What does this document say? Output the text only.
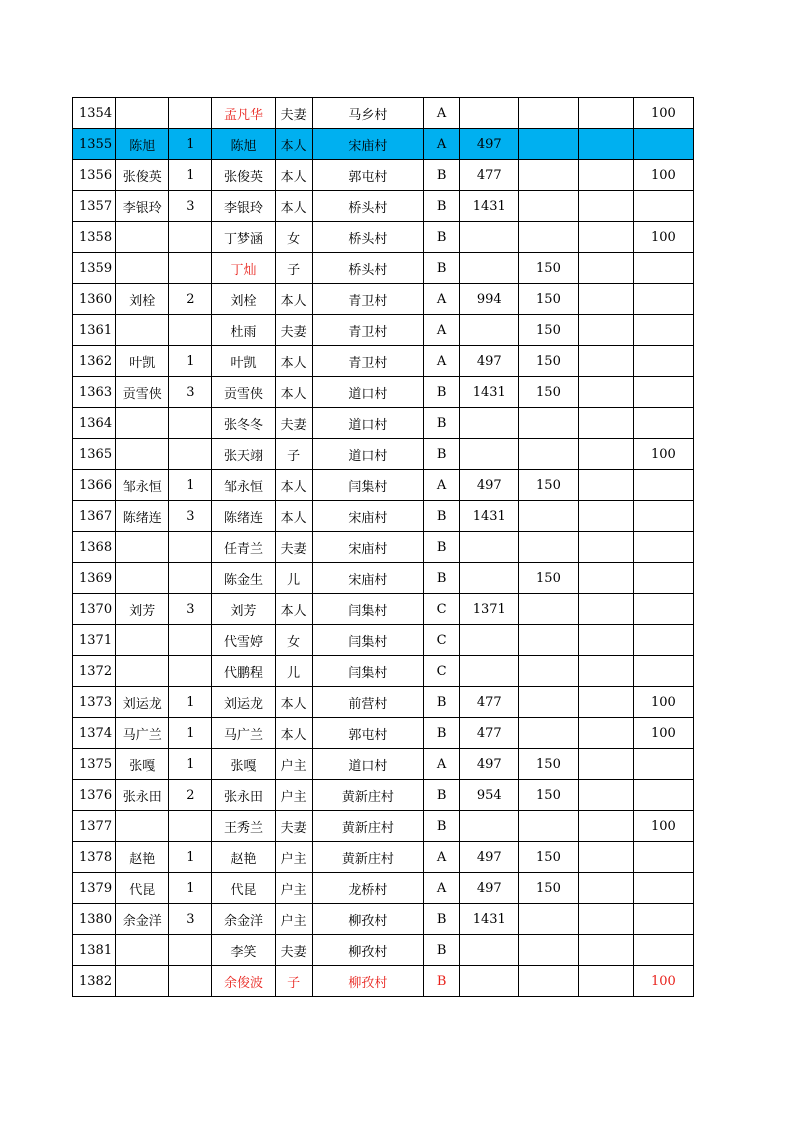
1354			孟凡华	夫妻	马乡村	A				100
1355	陈旭	1	陈旭	本人	宋庙村	A	497			
1356	张俊英	1	张俊英	本人	郭屯村	B	477			100
1357	李银玲	3	李银玲	本人	桥头村	B	1431			
1358			丁梦涵	女	桥头村	B				100
1359			丁灿	子	桥头村	B		150		
1360	刘栓	2	刘栓	本人	青卫村	A	994	150		
1361			杜雨	夫妻	青卫村	A		150		
1362	叶凯	1	叶凯	本人	青卫村	A	497	150		
1363	贡雪侠	3	贡雪侠	本人	道口村	B	1431	150		
1364			张冬冬	夫妻	道口村	B				
1365			张天翊	子	道口村	B				100
1366	邹永恒	1	邹永恒	本人	闫集村	A	497	150		
1367	陈绪连	3	陈绪连	本人	宋庙村	B	1431			
1368			任青兰	夫妻	宋庙村	B				
1369			陈金生	儿	宋庙村	B		150		
1370	刘芳	3	刘芳	本人	闫集村	C	1371			
1371			代雪婷	女	闫集村	C				
1372			代鹏程	儿	闫集村	C				
1373	刘运龙	1	刘运龙	本人	前营村	B	477			100
1374	马广兰	1	马广兰	本人	郭屯村	B	477			100
1375	张嘎	1	张嘎	户主	道口村	A	497	150		
1376	张永田	2	张永田	户主	黄新庄村	B	954	150		
1377			王秀兰	夫妻	黄新庄村	B				100
1378	赵艳	1	赵艳	户主	黄新庄村	A	497	150		
1379	代昆	1	代昆	户主	龙桥村	A	497	150		
1380	余金洋	3	余金洋	户主	柳孜村	B	1431			
1381			李笑	夫妻	柳孜村	B				
1382			余俊波	子	柳孜村	B				100
